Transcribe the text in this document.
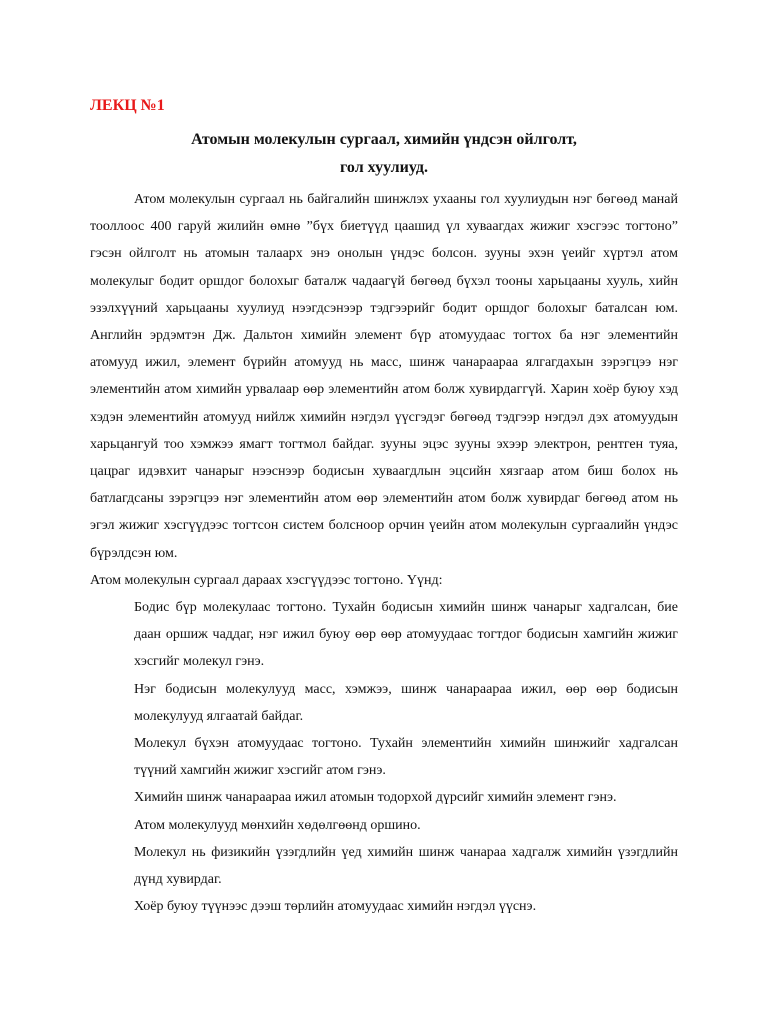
ЛЕКЦ №1
Атомын молекулын сургаал, химийн үндсэн ойлголт,
гол хуулиуд.

Атом молекулын сургаал нь байгалийн шинжлэх ухааны гол хуулиудын нэг бөгөөд манай тооллоос 400 гаруй жилийн өмнө ”бүх биетүүд цаашид үл хуваагдах жижиг хэсгээс тогтоно” гэсэн ойлголт нь атомын талаарх энэ онолын үндэс болсон. зууны эхэн үеийг хүртэл атом молекулыг бодит оршдог болохыг баталж чадаагүй бөгөөд бүхэл тооны харьцааны хууль, хийн эзэлхүүний харьцааны хуулиуд нээгдсэнээр тэдгээрийг бодит оршдог болохыг баталсан юм. Английн эрдэмтэн Дж. Дальтон химийн элемент бүр атомуудаас тогтох ба нэг элементийн атомууд ижил, элемент бүрийн атомууд нь масс, шинж чанараараа ялгагдахын зэрэгцээ нэг элементийн атом химийн урвалаар өөр элементийн атом болж хувирдаггүй. Харин хоёр буюу хэд хэдэн элементийн атомууд нийлж химийн нэгдэл үүсгэдэг бөгөөд тэдгээр нэгдэл дэх атомуудын харьцангуй тоо хэмжээ ямагт тогтмол байдаг. зууны эцэс зууны эхээр электрон, рентген туяа, цацраг идэвхит чанарыг нээснээр бодисын хуваагдлын эцсийн хязгаар атом биш болох нь батлагдсаны зэрэгцээ нэг элементийн атом өөр элементийн атом болж хувирдаг бөгөөд атом нь эгэл жижиг хэсгүүдээс тогтсон систем болсноор орчин үеийн атом молекулын сургаалийн үндэс бүрэлдсэн юм.

Атом молекулын сургаал дараах хэсгүүдээс тогтоно. Үүнд:

Бодис бүр молекулаас тогтоно. Тухайн бодисын химийн шинж чанарыг хадгалсан, бие даан оршиж чаддаг, нэг ижил буюу өөр өөр атомуудаас тогтдог бодисын хамгийн жижиг хэсгийг молекул гэнэ.

Нэг бодисын молекулууд масс, хэмжээ, шинж чанараараа ижил, өөр өөр бодисын молекулууд ялгаатай байдаг.

Молекул бүхэн атомуудаас тогтоно. Тухайн элементийн химийн шинжийг хадгалсан түүний хамгийн жижиг хэсгийг атом гэнэ.

Химийн шинж чанараараа ижил атомын тодорхой дүрсийг химийн элемент гэнэ.

Атом молекулууд мөнхийн хөдөлгөөнд оршино.

Молекул нь физикийн үзэгдлийн үед химийн шинж чанараа хадгалж химийн үзэгдлийн дүнд хувирдаг.

Хоёр буюу түүнээс дээш төрлийн атомуудаас химийн нэгдэл үүснэ.
